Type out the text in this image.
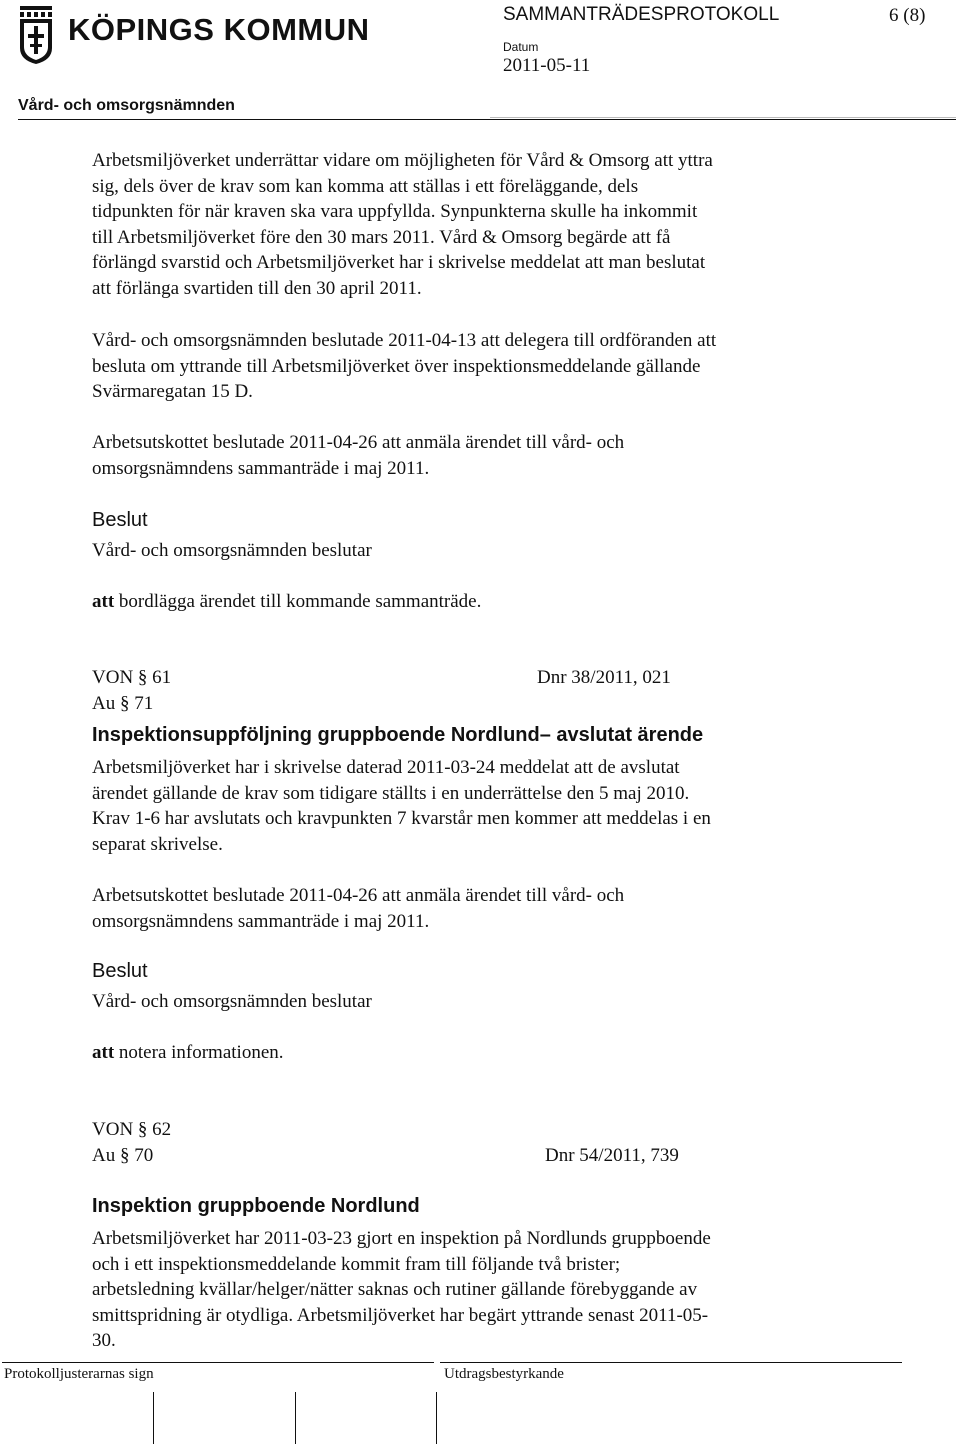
KÖPINGS KOMMUN	SAMMANTRÄDESPROTOKOLL	6 (8)
Datum
2011-05-11
Vård- och omsorgsnämnden
Arbetsmiljöverket underrättar vidare om möjligheten för Vård & Omsorg att yttra
sig, dels över de krav som kan komma att ställas i ett föreläggande, dels
tidpunkten för när kraven ska vara uppfyllda. Synpunkterna skulle ha inkommit
till Arbetsmiljöverket före den 30 mars 2011. Vård & Omsorg begärde att få
förlängd svarstid och Arbetsmiljöverket har i skrivelse meddelat att man beslutat
att förlänga svartiden till den 30 april 2011.
Vård- och omsorgsnämnden beslutade 2011-04-13 att delegera till ordföranden att
besluta om yttrande till Arbetsmiljöverket över inspektionsmeddelande gällande
Svärmaregatan 15 D.
Arbetsutskottet beslutade 2011-04-26 att anmäla ärendet till vård- och
omsorgsnämndens sammanträde i maj 2011.
Beslut
Vård- och omsorgsnämnden beslutar
att bordlägga ärendet till kommande sammanträde.
VON § 61	Dnr 38/2011, 021
Au § 71
Inspektionsuppföljning gruppboende Nordlund– avslutat ärende
Arbetsmiljöverket har i skrivelse daterad 2011-03-24 meddelat att de avslutat
ärendet gällande de krav som tidigare ställts i en underrättelse den 5 maj 2010.
Krav 1-6 har avslutats och kravpunkten 7 kvarstår men kommer att meddelas i en
separat skrivelse.
Arbetsutskottet beslutade 2011-04-26 att anmäla ärendet till vård- och
omsorgsnämndens sammanträde i maj 2011.
Beslut
Vård- och omsorgsnämnden beslutar
att notera informationen.
VON § 62
Au § 70	Dnr 54/2011, 739
Inspektion gruppboende Nordlund
Arbetsmiljöverket har 2011-03-23 gjort en inspektion på Nordlunds gruppboende
och i ett inspektionsmeddelande kommit fram till följande två brister;
arbetsledning kvällar/helger/nätter saknas och rutiner gällande förebyggande av
smittspridning är otydliga. Arbetsmiljöverket har begärt yttrande senast 2011-05-
30.
Protokolljusterarnas sign	Utdragsbestyrkande
